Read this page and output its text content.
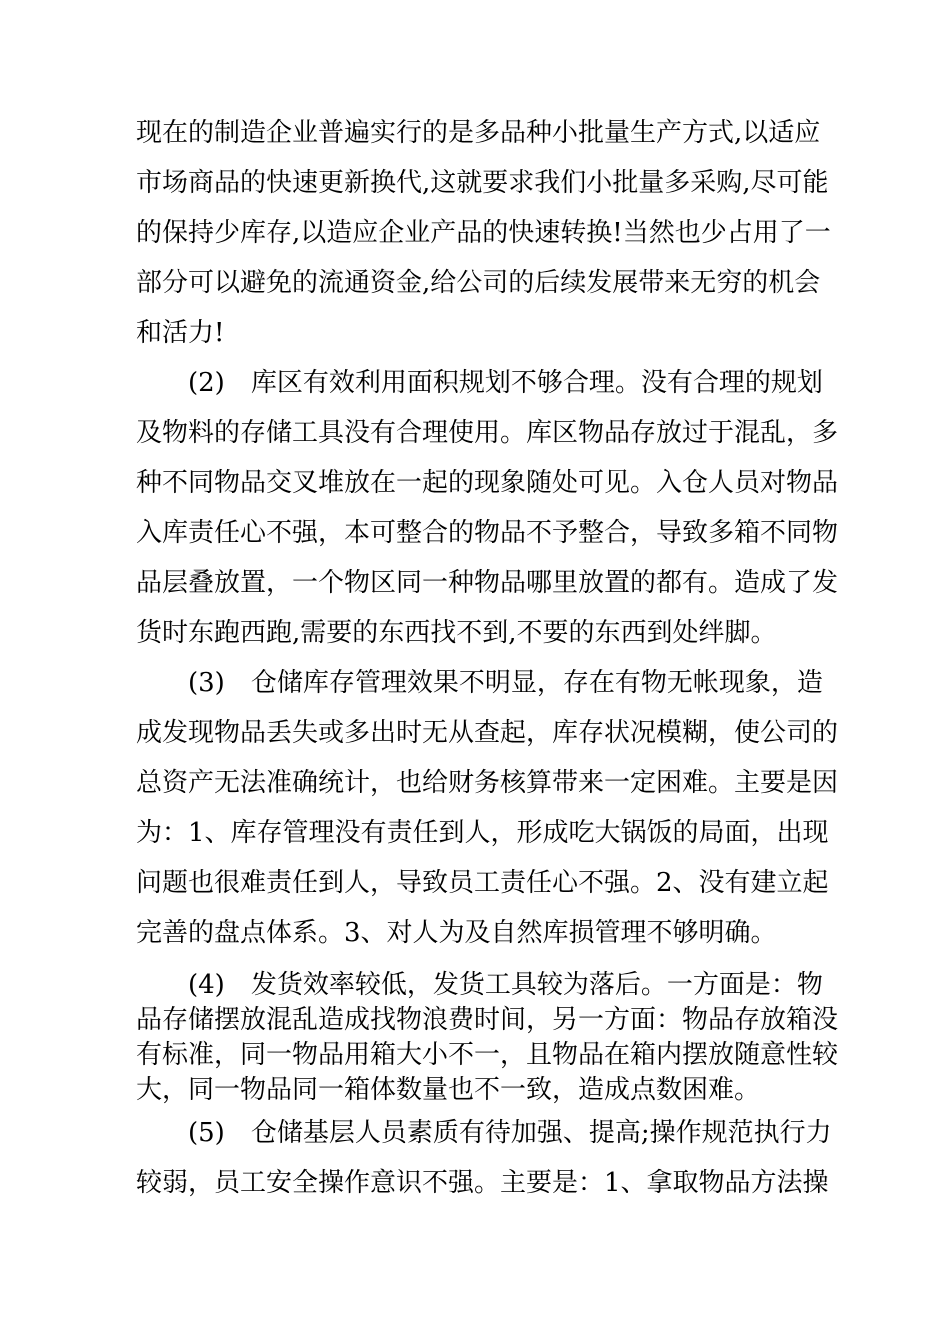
现在的制造企业普遍实行的是多品种小批量生产方式,以适应

市场商品的快速更新换代,这就要求我们小批量多采购,尽可能

的保持少库存,以造应企业产品的快速转换!当然也少占用了一

部分可以避免的流通资金,给公司的后续发展带来无穷的机会

和活力!

(2)　库区有效利用面积规划不够合理。没有合理的规划

及物料的存储工具没有合理使用。库区物品存放过于混乱，多

种不同物品交叉堆放在一起的现象随处可见。入仓人员对物品

入库责任心不强，本可整合的物品不予整合，导致多箱不同物

品层叠放置，一个物区同一种物品哪里放置的都有。造成了发

货时东跑西跑,需要的东西找不到,不要的东西到处绊脚。

(3)　仓储库存管理效果不明显，存在有物无帐现象，造

成发现物品丢失或多出时无从查起，库存状况模糊，使公司的

总资产无法准确统计，也给财务核算带来一定困难。主要是因

为：1、库存管理没有责任到人，形成吃大锅饭的局面，出现

问题也很难责任到人，导致员工责任心不强。2、没有建立起

完善的盘点体系。3、对人为及自然库损管理不够明确。

(4)　发货效率较低，发货工具较为落后。一方面是：物

品存储摆放混乱造成找物浪费时间，另一方面：物品存放箱没

有标准，同一物品用箱大小不一，且物品在箱内摆放随意性较

大，同一物品同一箱体数量也不一致，造成点数困难。

(5)　仓储基层人员素质有待加强、提高;操作规范执行力

较弱，员工安全操作意识不强。主要是：1、拿取物品方法操
